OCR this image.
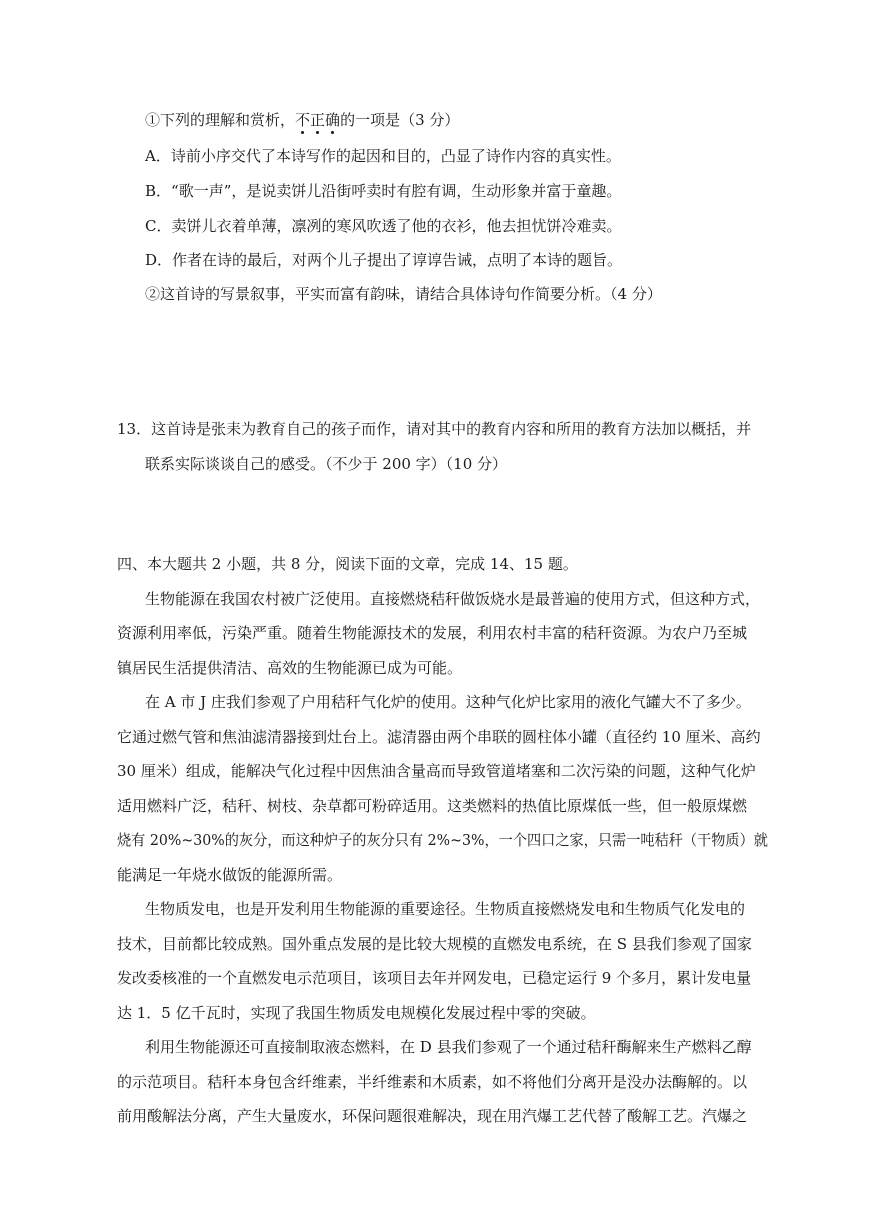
①下列的理解和赏析，不正确的一项是（3 分）
A．诗前小序交代了本诗写作的起因和目的，凸显了诗作内容的真实性。
B．“歌一声”，是说卖饼儿沿街呼卖时有腔有调，生动形象并富于童趣。
C．卖饼儿衣着单薄，凛冽的寒风吹透了他的衣衫，他去担忧饼冷难卖。
D．作者在诗的最后，对两个儿子提出了谆谆告诫，点明了本诗的题旨。
②这首诗的写景叙事，平实而富有韵味，请结合具体诗句作简要分析。（4 分）
13．这首诗是张耒为教育自己的孩子而作，请对其中的教育内容和所用的教育方法加以概括，并
联系实际谈谈自己的感受。（不少于 200 字）（10 分）
四、本大题共 2 小题，共 8 分，阅读下面的文章，完成 14、15 题。
生物能源在我国农村被广泛使用。直接燃烧秸秆做饭烧水是最普遍的使用方式，但这种方式，
资源利用率低，污染严重。随着生物能源技术的发展，利用农村丰富的秸秆资源。为农户乃至城
镇居民生活提供清洁、高效的生物能源已成为可能。
在 A 市 J 庄我们参观了户用秸秆气化炉的使用。这种气化炉比家用的液化气罐大不了多少。
它通过燃气管和焦油滤清器接到灶台上。滤清器由两个串联的圆柱体小罐（直径约 10 厘米、高约
30 厘米）组成，能解决气化过程中因焦油含量高而导致管道堵塞和二次污染的问题，这种气化炉
适用燃料广泛，秸秆、树枝、杂草都可粉碎适用。这类燃料的热值比原煤低一些，但一般原煤燃
烧有 20%~30%的灰分，而这种炉子的灰分只有 2%~3%，一个四口之家，只需一吨秸秆（干物质）就
能满足一年烧水做饭的能源所需。
生物质发电，也是开发利用生物能源的重要途径。生物质直接燃烧发电和生物质气化发电的
技术，目前都比较成熟。国外重点发展的是比较大规模的直燃发电系统，在 S 县我们参观了国家
发改委核准的一个直燃发电示范项目，该项目去年并网发电，已稳定运行 9 个多月，累计发电量
达 1．5 亿千瓦时，实现了我国生物质发电规模化发展过程中零的突破。
利用生物能源还可直接制取液态燃料，在 D 县我们参观了一个通过秸秆酶解来生产燃料乙醇
的示范项目。秸秆本身包含纤维素，半纤维素和木质素，如不将他们分离开是没办法酶解的。以
前用酸解法分离，产生大量废水，环保问题很难解决，现在用汽爆工艺代替了酸解工艺。汽爆之
